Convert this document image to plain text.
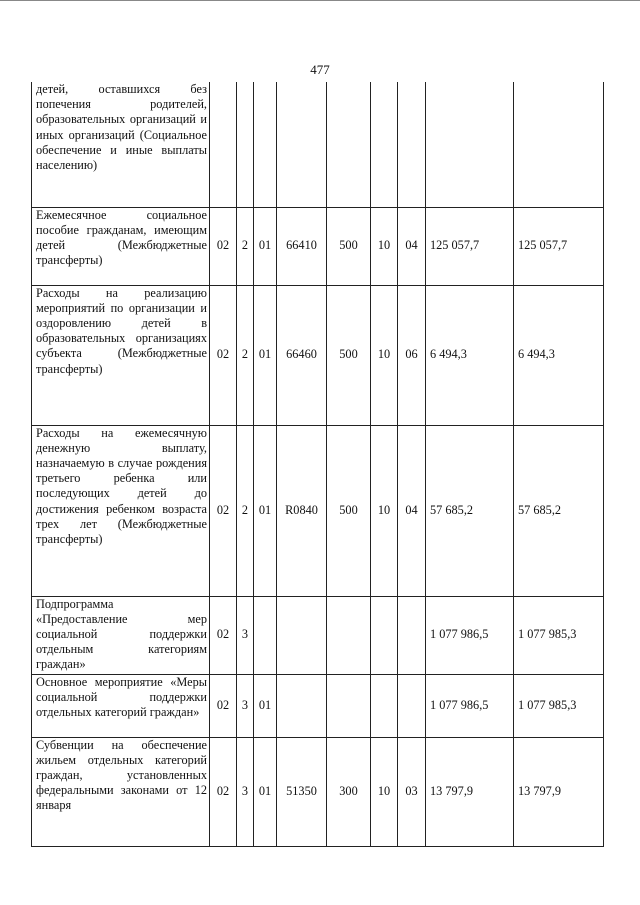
477
детей, оставшихся без попечения родителей, образовательных организаций и иных организаций (Социальное обеспечение и иные выплаты населению)									
Ежемесячное социальное пособие гражданам, имеющим детей (Межбюджетные трансферты)	02	2	01	66410	500	10	04	125 057,7	125 057,7
Расходы на реализацию мероприятий по организации и оздоровлению детей в образовательных организациях субъекта (Межбюджетные трансферты)	02	2	01	66460	500	10	06	6 494,3	6 494,3
Расходы на ежемесячную денежную выплату, назначаемую в случае рождения третьего ребенка или последующих детей до достижения ребенком возраста трех лет (Межбюджетные трансферты)	02	2	01	R0840	500	10	04	57 685,2	57 685,2
Подпрограмма «Предоставление мер социальной поддержки отдельным категориям граждан»	02	3						1 077 986,5	1 077 985,3
Основное мероприятие «Меры социальной поддержки отдельных категорий граждан»	02	3	01					1 077 986,5	1 077 985,3
Субвенции на обеспечение жильем отдельных категорий граждан, установленных федеральными законами от 12 января	02	3	01	51350	300	10	03	13 797,9	13 797,9
